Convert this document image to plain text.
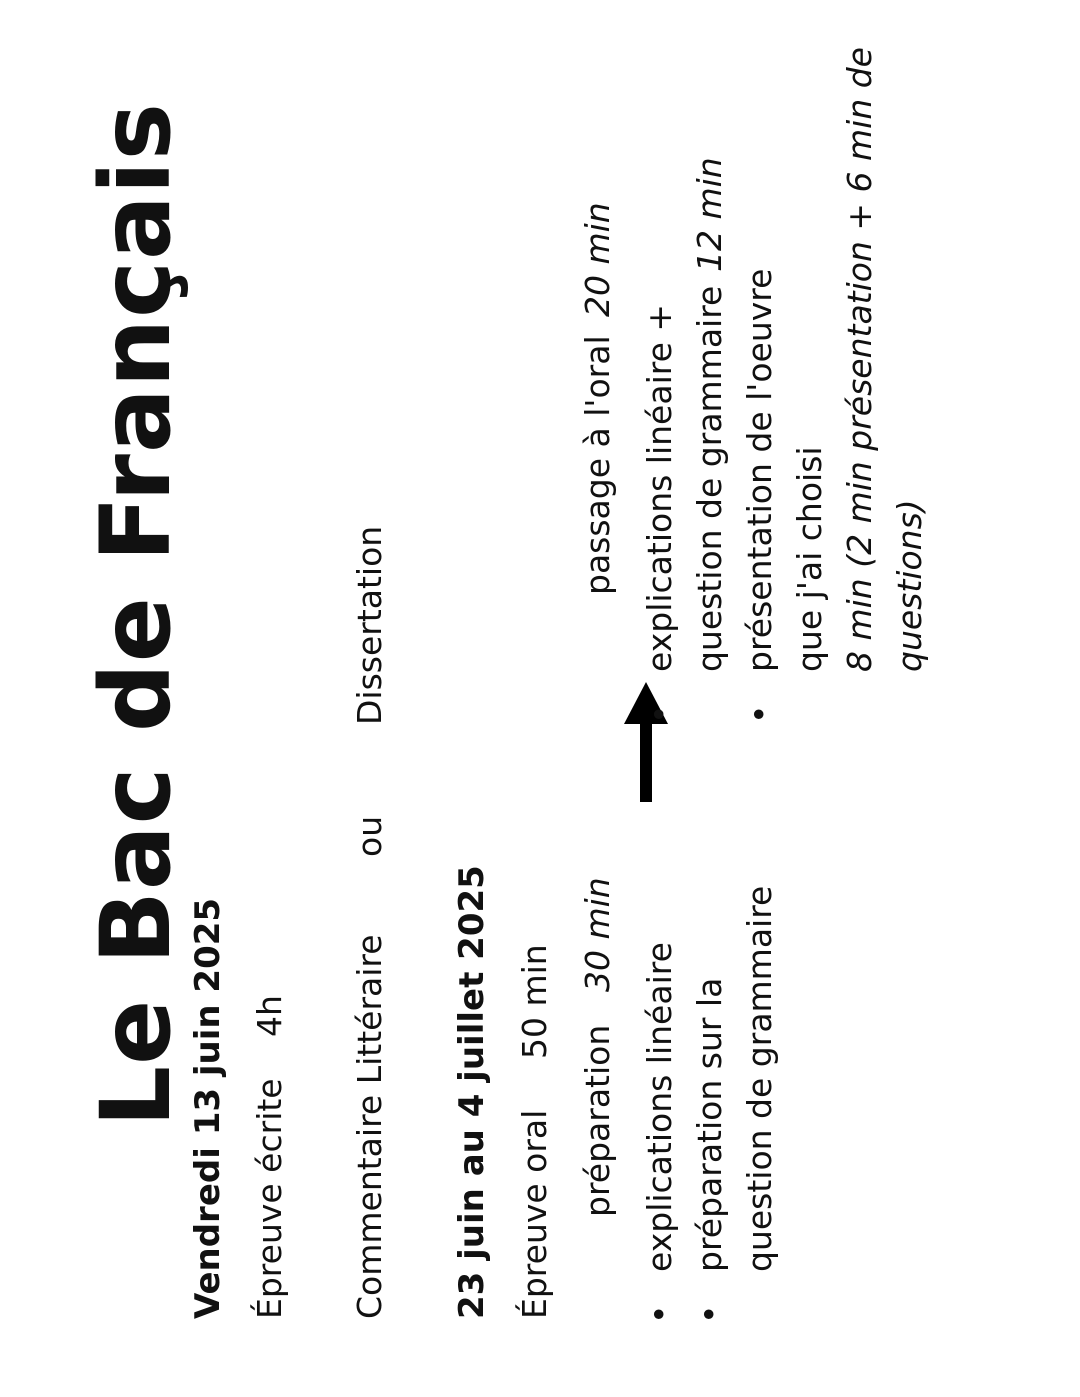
Le Bac de Français
Vendredi 13 juin 2025 Épreuve écrite
4h Commentaire Littéraire
ou
Dissertation
23 juin au 4 juillet 2025 Épreuve oral
50 min
préparation
30 min
passage à l'oral
20 min
• explications linéaire
• préparation sur la question de grammaire
• explications linéaire + question de grammaire
12 min
• présentation de l'oeuvre que j'ai choisi 8 min (2 min présentation + 6 min de questions)
